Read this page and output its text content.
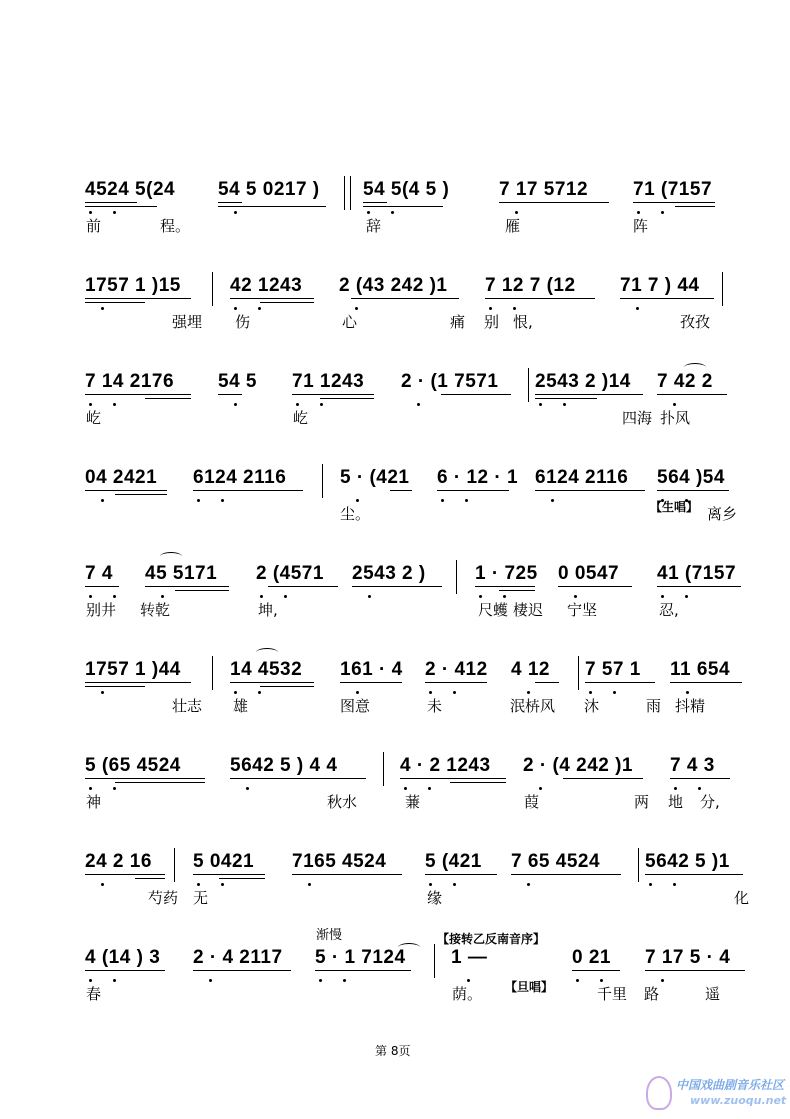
4524 5(24 54 5 0217 ) 54 5(4 5 )	7 17 5712 71 (7157
前	程。	辞	雁	阵
1757 1 )15	42 1243 2 (43 242 )1 7 12 7 (12 71 7 ) 44
强埋 伤	心	痛 别 恨,	孜孜
7 14 2176 54 5 71 1243 2 · (1 7571 2543 2 )14 7 42 2
屹	屹	四海 扑风
04 2421 6124 2116	5 · (421 6 · 12 · 1 6124 2116 564 )54
尘。	离乡
【生唱】
7 4 45 5171 2 (4571 2543 2 )	1 · 725 0 0547 41 (7157
别井 转乾	坤,	尺蠖 棲迟 宁坚	忍,
1757 1 )44	14 4532 161 · 4 2 · 412 4 12 7 57 1 11 654
壮志 雄	图意	未	泯枿风 沐	雨 抖精
5 (65 4524	5642 5 ) 4 4	4 · 2 1243 2 · (4 242 )1 7 4 3
神	秋水	蒹	葭	两 地 分,
24 2 16 5 0421 7165 4524 5 (421 7 65 4524 5642 5 )1
芍药 无	缘	化
4 (14 ) 3 2 · 4 2117 5 · 1 7124 1 —	0 21 7 17 5 · 4
春	荫。	千里 路	遥
【旦唱】
渐慢	【接转乙反南音序】
第 8页
中国戏曲剧音乐社区
www.zuoqu.net
